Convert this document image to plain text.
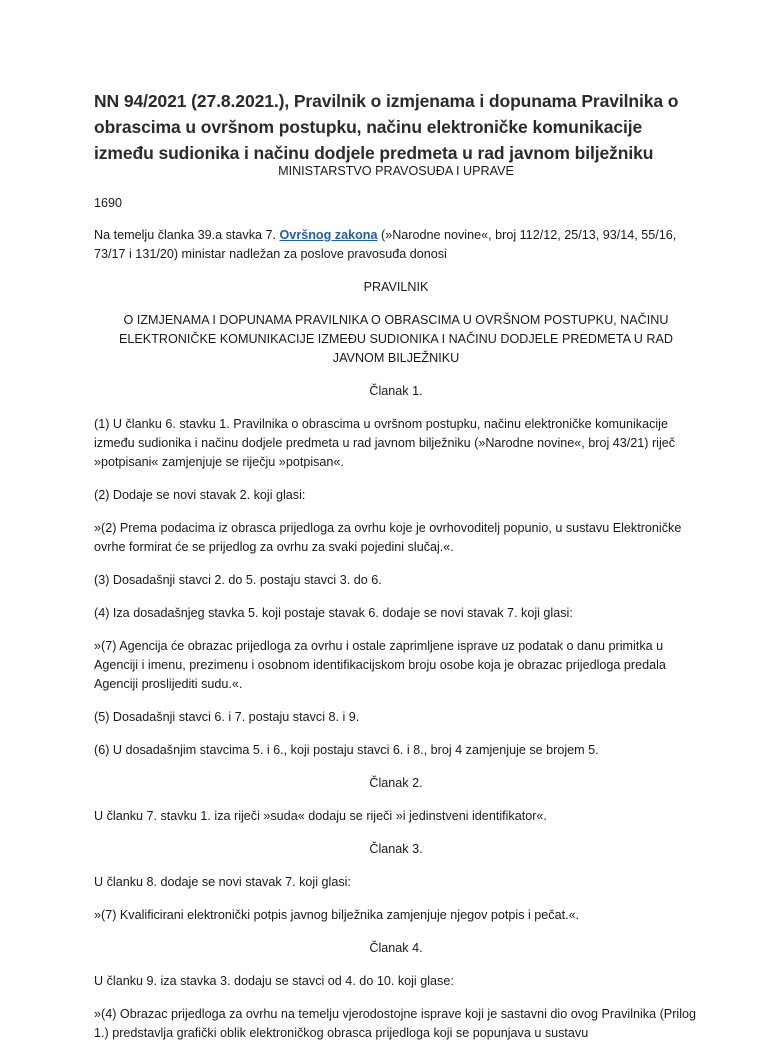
NN 94/2021 (27.8.2021.), Pravilnik o izmjenama i dopunama Pravilnika o obrascima u ovršnom postupku, načinu elektroničke komunikacije između sudionika i načinu dodjele predmeta u rad javnom bilježniku

MINISTARSTVO PRAVOSUĐA I UPRAVE

1690

Na temelju članka 39.a stavka 7. Ovršnog zakona (»Narodne novine«, broj 112/12, 25/13, 93/14, 55/16, 73/17 i 131/20) ministar nadležan za poslove pravosuđa donosi

PRAVILNIK

O IZMJENAMA I DOPUNAMA PRAVILNIKA O OBRASCIMA U OVRŠNOM POSTUPKU, NAČINU ELEKTRONIČKE KOMUNIKACIJE IZMEĐU SUDIONIKA I NAČINU DODJELE PREDMETA U RAD JAVNOM BILJEŽNIKU

Članak 1.

(1) U članku 6. stavku 1. Pravilnika o obrascima u ovršnom postupku, načinu elektroničke komunikacije između sudionika i načinu dodjele predmeta u rad javnom bilježniku (»Narodne novine«, broj 43/21) riječ »potpisani« zamjenjuje se riječju »potpisan«.

(2) Dodaje se novi stavak 2. koji glasi:

»(2) Prema podacima iz obrasca prijedloga za ovrhu koje je ovrhovoditelj popunio, u sustavu Elektroničke ovrhe formirat će se prijedlog za ovrhu za svaki pojedini slučaj.«.

(3) Dosadašnji stavci 2. do 5. postaju stavci 3. do 6.

(4) Iza dosadašnjeg stavka 5. koji postaje stavak 6. dodaje se novi stavak 7. koji glasi:

»(7) Agencija će obrazac prijedloga za ovrhu i ostale zaprimljene isprave uz podatak o danu primitka u Agenciji i imenu, prezimenu i osobnom identifikacijskom broju osobe koja je obrazac prijedloga predala Agenciji proslijediti sudu.«.

(5) Dosadašnji stavci 6. i 7. postaju stavci 8. i 9.

(6) U dosadašnjim stavcima 5. i 6., koji postaju stavci 6. i 8., broj 4 zamjenjuje se brojem 5.

Članak 2.

U članku 7. stavku 1. iza riječi »suda« dodaju se riječi »i jedinstveni identifikator«.

Članak 3.

U članku 8. dodaje se novi stavak 7. koji glasi:

»(7) Kvalificirani elektronički potpis javnog bilježnika zamjenjuje njegov potpis i pečat.«.

Članak 4.

U članku 9. iza stavka 3. dodaju se stavci od 4. do 10. koji glase:

»(4) Obrazac prijedloga za ovrhu na temelju vjerodostojne isprave koji je sastavni dio ovog Pravilnika (Prilog 1.) predstavlja grafički oblik elektroničkog obrasca prijedloga koji se popunjava u sustavu
